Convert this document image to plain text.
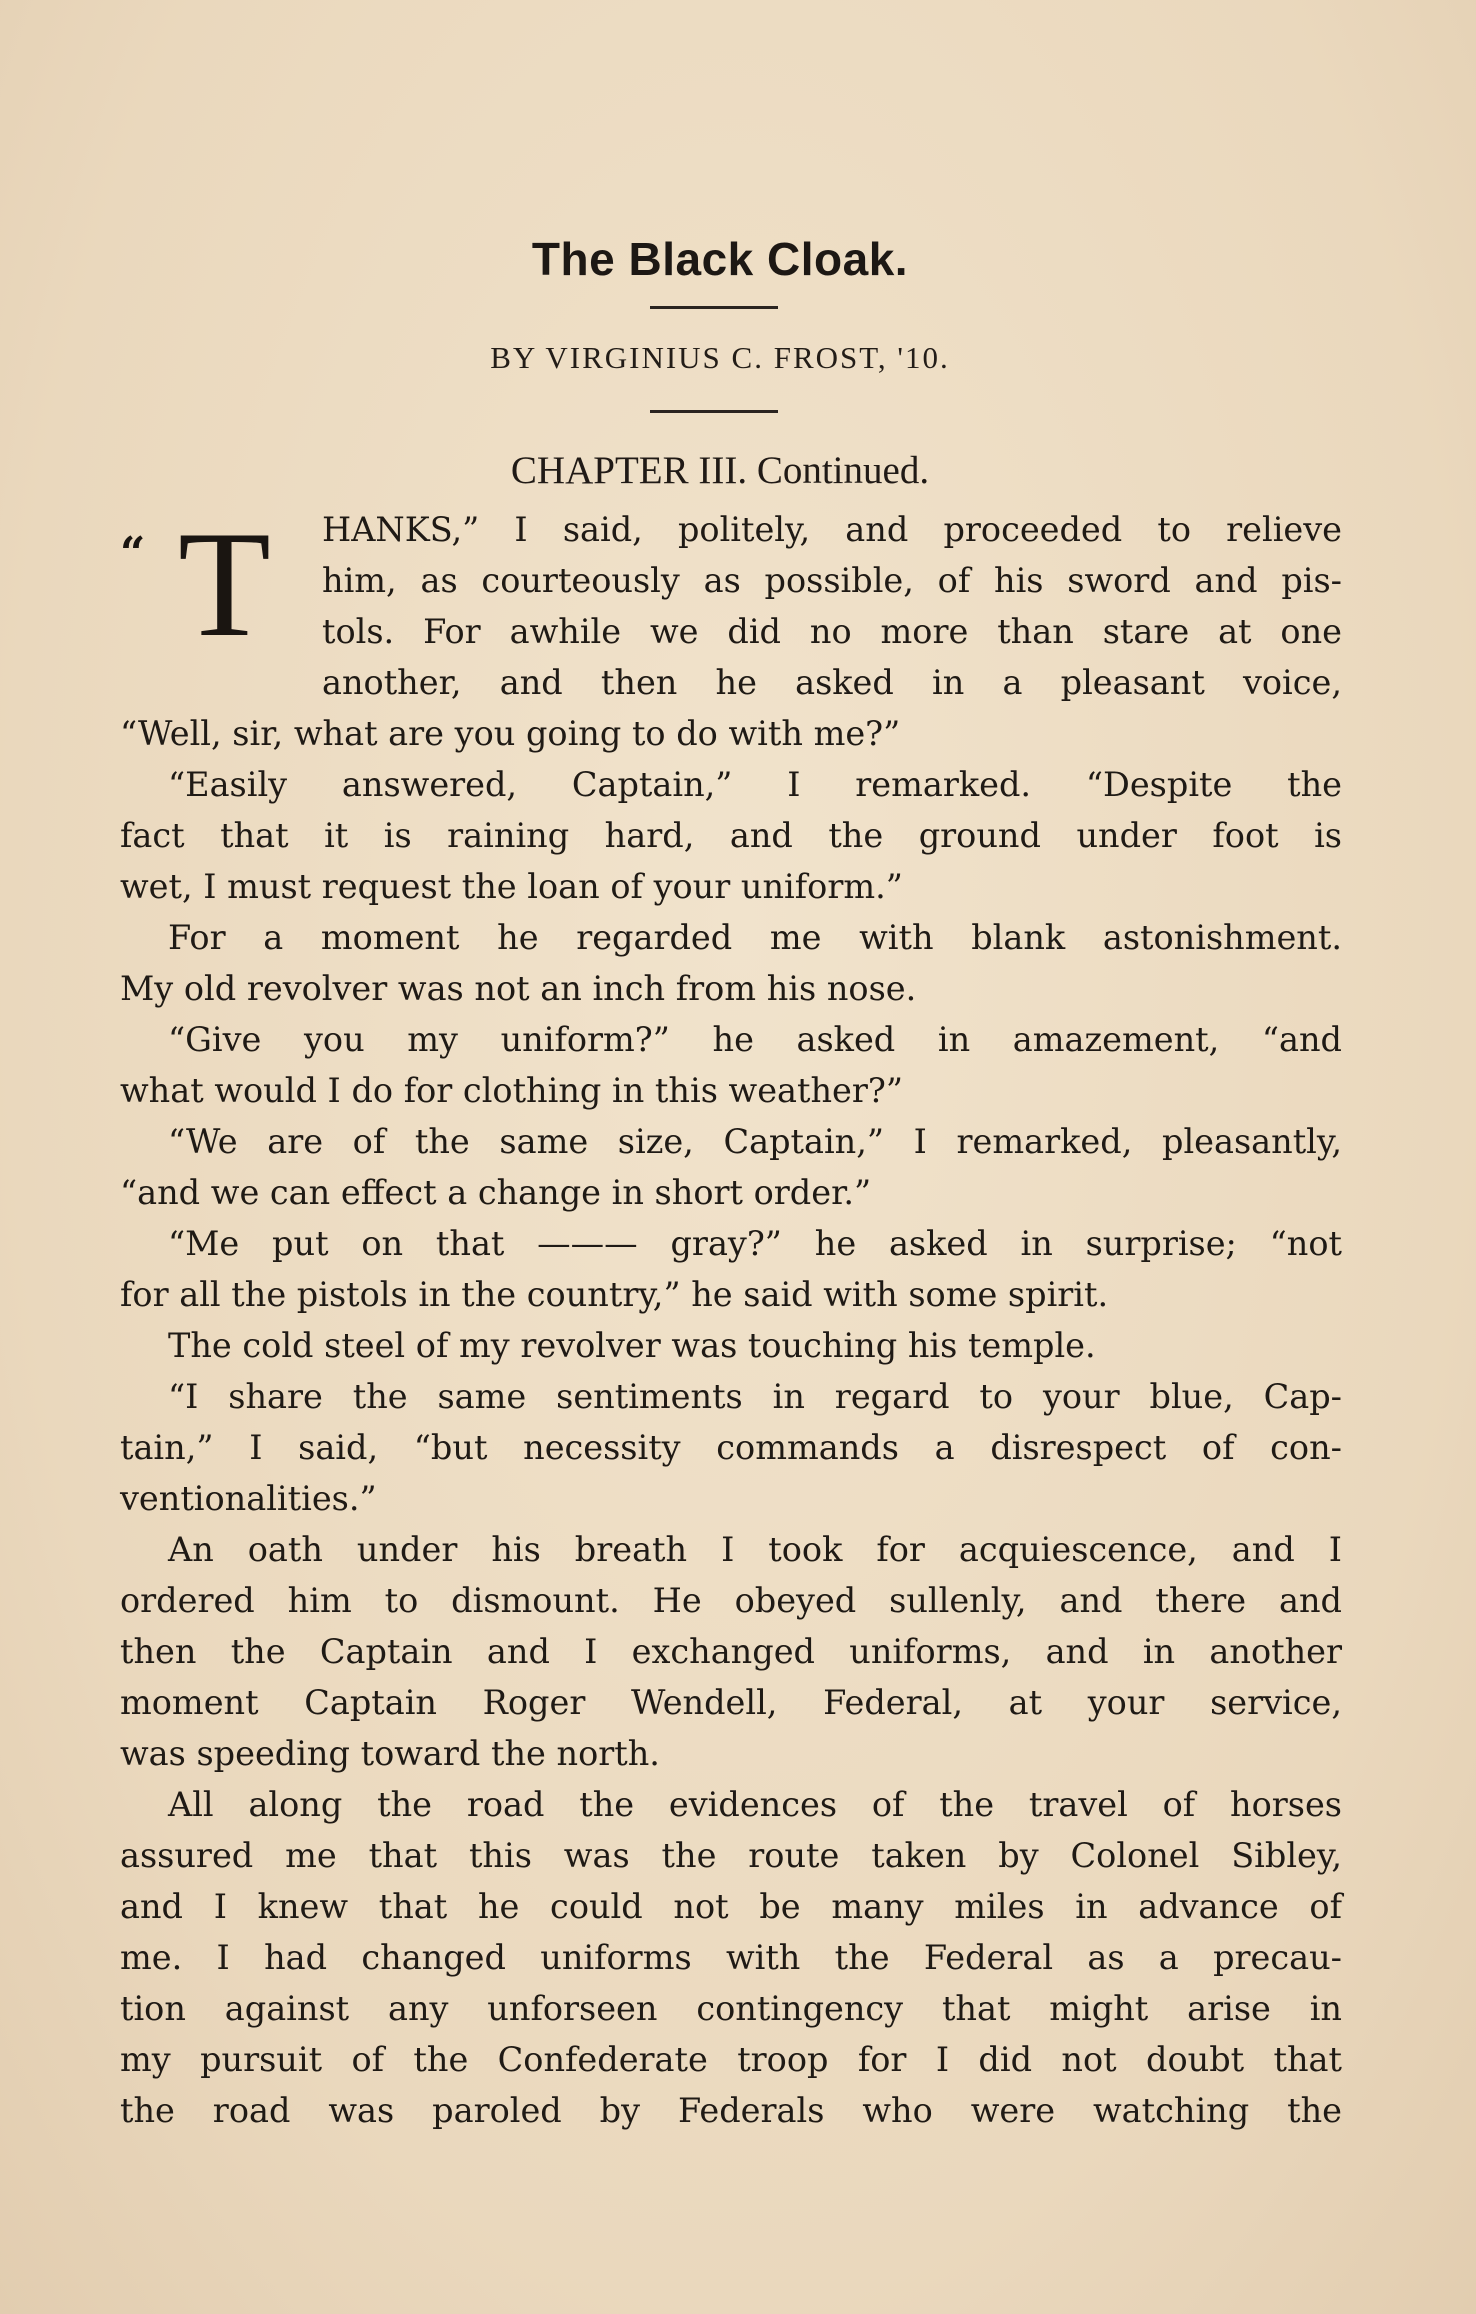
The Black Cloak.
BY VIRGINIUS C. FROST, '10.
CHAPTER III. Continued.
“ T HANKS,” I said, politely, and proceeded to relieve
him, as courteously as possible, of his sword and pis-
tols. For awhile we did no more than stare at one
another, and then he asked in a pleasant voice,
“Well, sir, what are you going to do with me?”
“Easily answered, Captain,” I remarked. “Despite the
fact that it is raining hard, and the ground under foot is
wet, I must request the loan of your uniform.”
For a moment he regarded me with blank astonishment.
My old revolver was not an inch from his nose.
“Give you my uniform?” he asked in amazement, “and
what would I do for clothing in this weather?”
“We are of the same size, Captain,” I remarked, pleasantly,
“and we can effect a change in short order.”
“Me put on that ——— gray?” he asked in surprise; “not
for all the pistols in the country,” he said with some spirit.
The cold steel of my revolver was touching his temple.
“I share the same sentiments in regard to your blue, Cap-
tain,” I said, “but necessity commands a disrespect of con-
ventionalities.”
An oath under his breath I took for acquiescence, and I
ordered him to dismount. He obeyed sullenly, and there and
then the Captain and I exchanged uniforms, and in another
moment Captain Roger Wendell, Federal, at your service,
was speeding toward the north.
All along the road the evidences of the travel of horses
assured me that this was the route taken by Colonel Sibley,
and I knew that he could not be many miles in advance of
me. I had changed uniforms with the Federal as a precau-
tion against any unforseen contingency that might arise in
my pursuit of the Confederate troop for I did not doubt that
the road was paroled by Federals who were watching the
